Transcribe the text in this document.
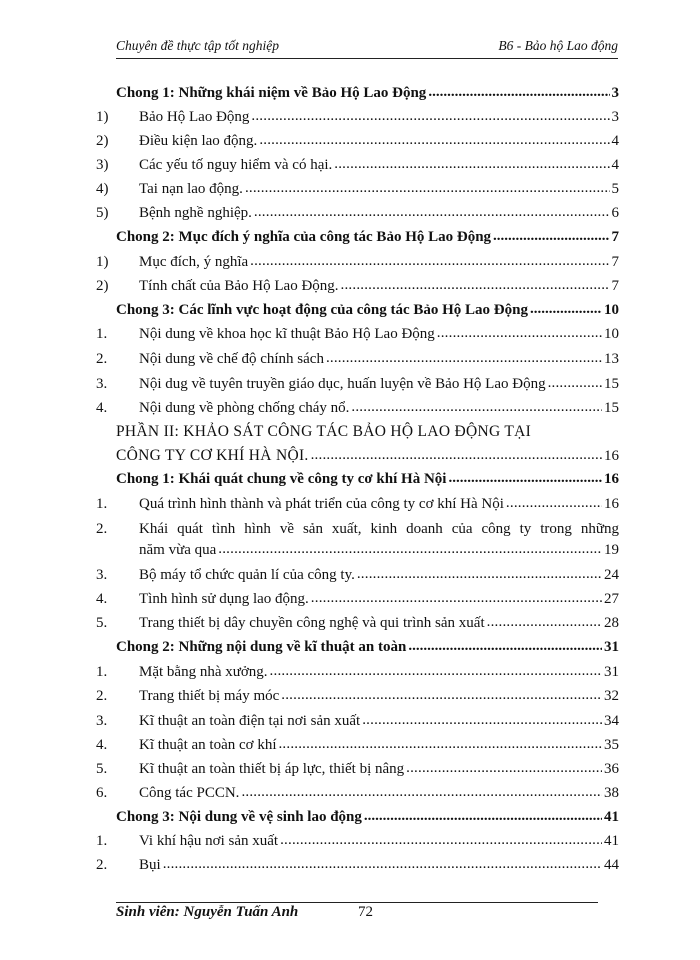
Chuyên đề thực tập tốt nghiệp	B6 - Bảo hộ Lao động
Chong 1: Những khái niệm về Bảo Hộ Lao Động .....	3
1)	Bảo Hộ Lao Động .....	3
2)	Điều kiện lao động. .....	4
3)	Các yếu tố nguy hiểm và có hại. .....	4
4)	Tai nạn lao động. .....	5
5)	Bệnh nghề nghiệp. .....	6
Chong 2: Mục đích ý nghĩa của công tác Bảo Hộ Lao Động .....	7
1)	Mục đích, ý nghĩa .....	7
2)	Tính chất của Bảo Hộ Lao Động. .....	7
Chong 3: Các lĩnh vực hoạt động của công tác Bảo Hộ Lao Động .....	10
1.	Nội dung về khoa học kĩ thuật Bảo Hộ Lao Động .....	10
2.	Nội dung về chế độ chính sách .....	13
3.	Nội dug về tuyên truyền giáo dục, huấn luyện về Bảo Hộ Lao Động .....	15
4.	Nội dung về phòng chống cháy nổ. .....	15
PHẦN II: KHẢO SÁT CÔNG TÁC BẢO HỘ LAO ĐỘNG TẠI
CÔNG TY CƠ KHÍ HÀ NỘI. .....	16
Chong 1: Khái quát chung về công ty cơ khí Hà Nội .....	16
1.	Quá trình hình thành và phát triển của công ty cơ khí Hà Nội .....	16
2.	Khái quát tình hình về sản xuất, kinh doanh của công ty trong những
năm vừa qua .....	19
3.	Bộ máy tổ chức quản lí của công ty. .....	24
4.	Tình hình sử dụng lao động. .....	27
5.	Trang thiết bị dây chuyền công nghệ và qui trình sản xuất .....	28
Chong 2: Những nội dung về kĩ thuật an toàn .....	31
1.	Mặt bằng nhà xưởng. .....	31
2.	Trang thiết bị máy móc .....	32
3.	Kĩ thuật an toàn điện tại nơi sản xuất .....	34
4.	Kĩ thuật an toàn cơ khí .....	35
5.	Kĩ thuật an toàn thiết bị áp lực, thiết bị nâng .....	36
6.	Công tác PCCN. .....	38
Chong 3: Nội dung về vệ sinh lao động .....	41
1.	Vi khí hậu nơi sản xuất .....	41
2.	Bụi .....	44
Sinh viên: Nguyễn Tuấn Anh	72
